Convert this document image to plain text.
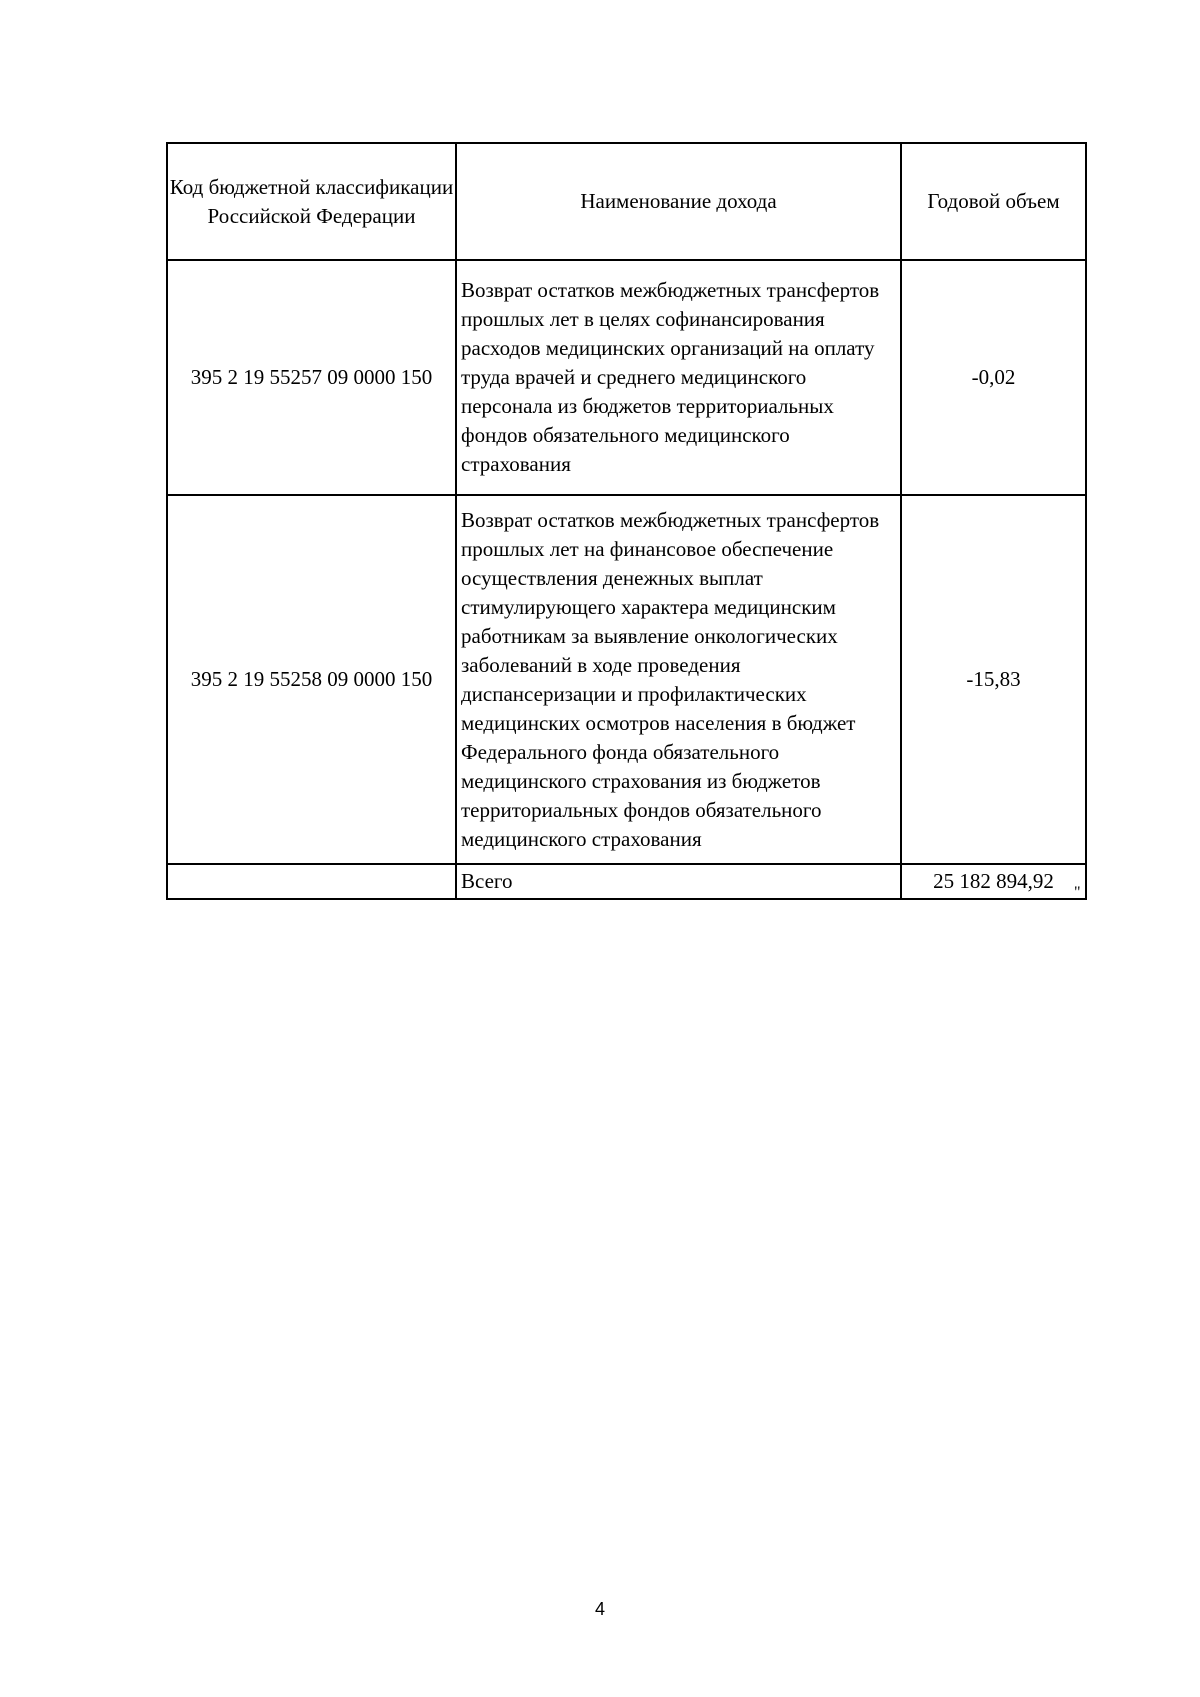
Код бюджетной классификации Российской Федерации	Наименование дохода	Годовой объем
395 2 19 55257 09 0000 150	Возврат остатков межбюджетных трансфертов прошлых лет в целях софинансирования расходов медицинских организаций на оплату труда врачей и среднего медицинского персонала из бюджетов территориальных фондов обязательного медицинского страхования	-0,02
395 2 19 55258 09 0000 150	Возврат остатков межбюджетных трансфертов прошлых лет на финансовое обеспечение осуществления денежных выплат стимулирующего характера медицинским работникам за выявление онкологических заболеваний в ходе проведения диспансеризации и профилактических медицинских осмотров населения в бюджет Федерального фонда обязательного медицинского страхования из бюджетов территориальных фондов обязательного медицинского страхования	-15,83
	Всего	25 182 894,92 "
4
